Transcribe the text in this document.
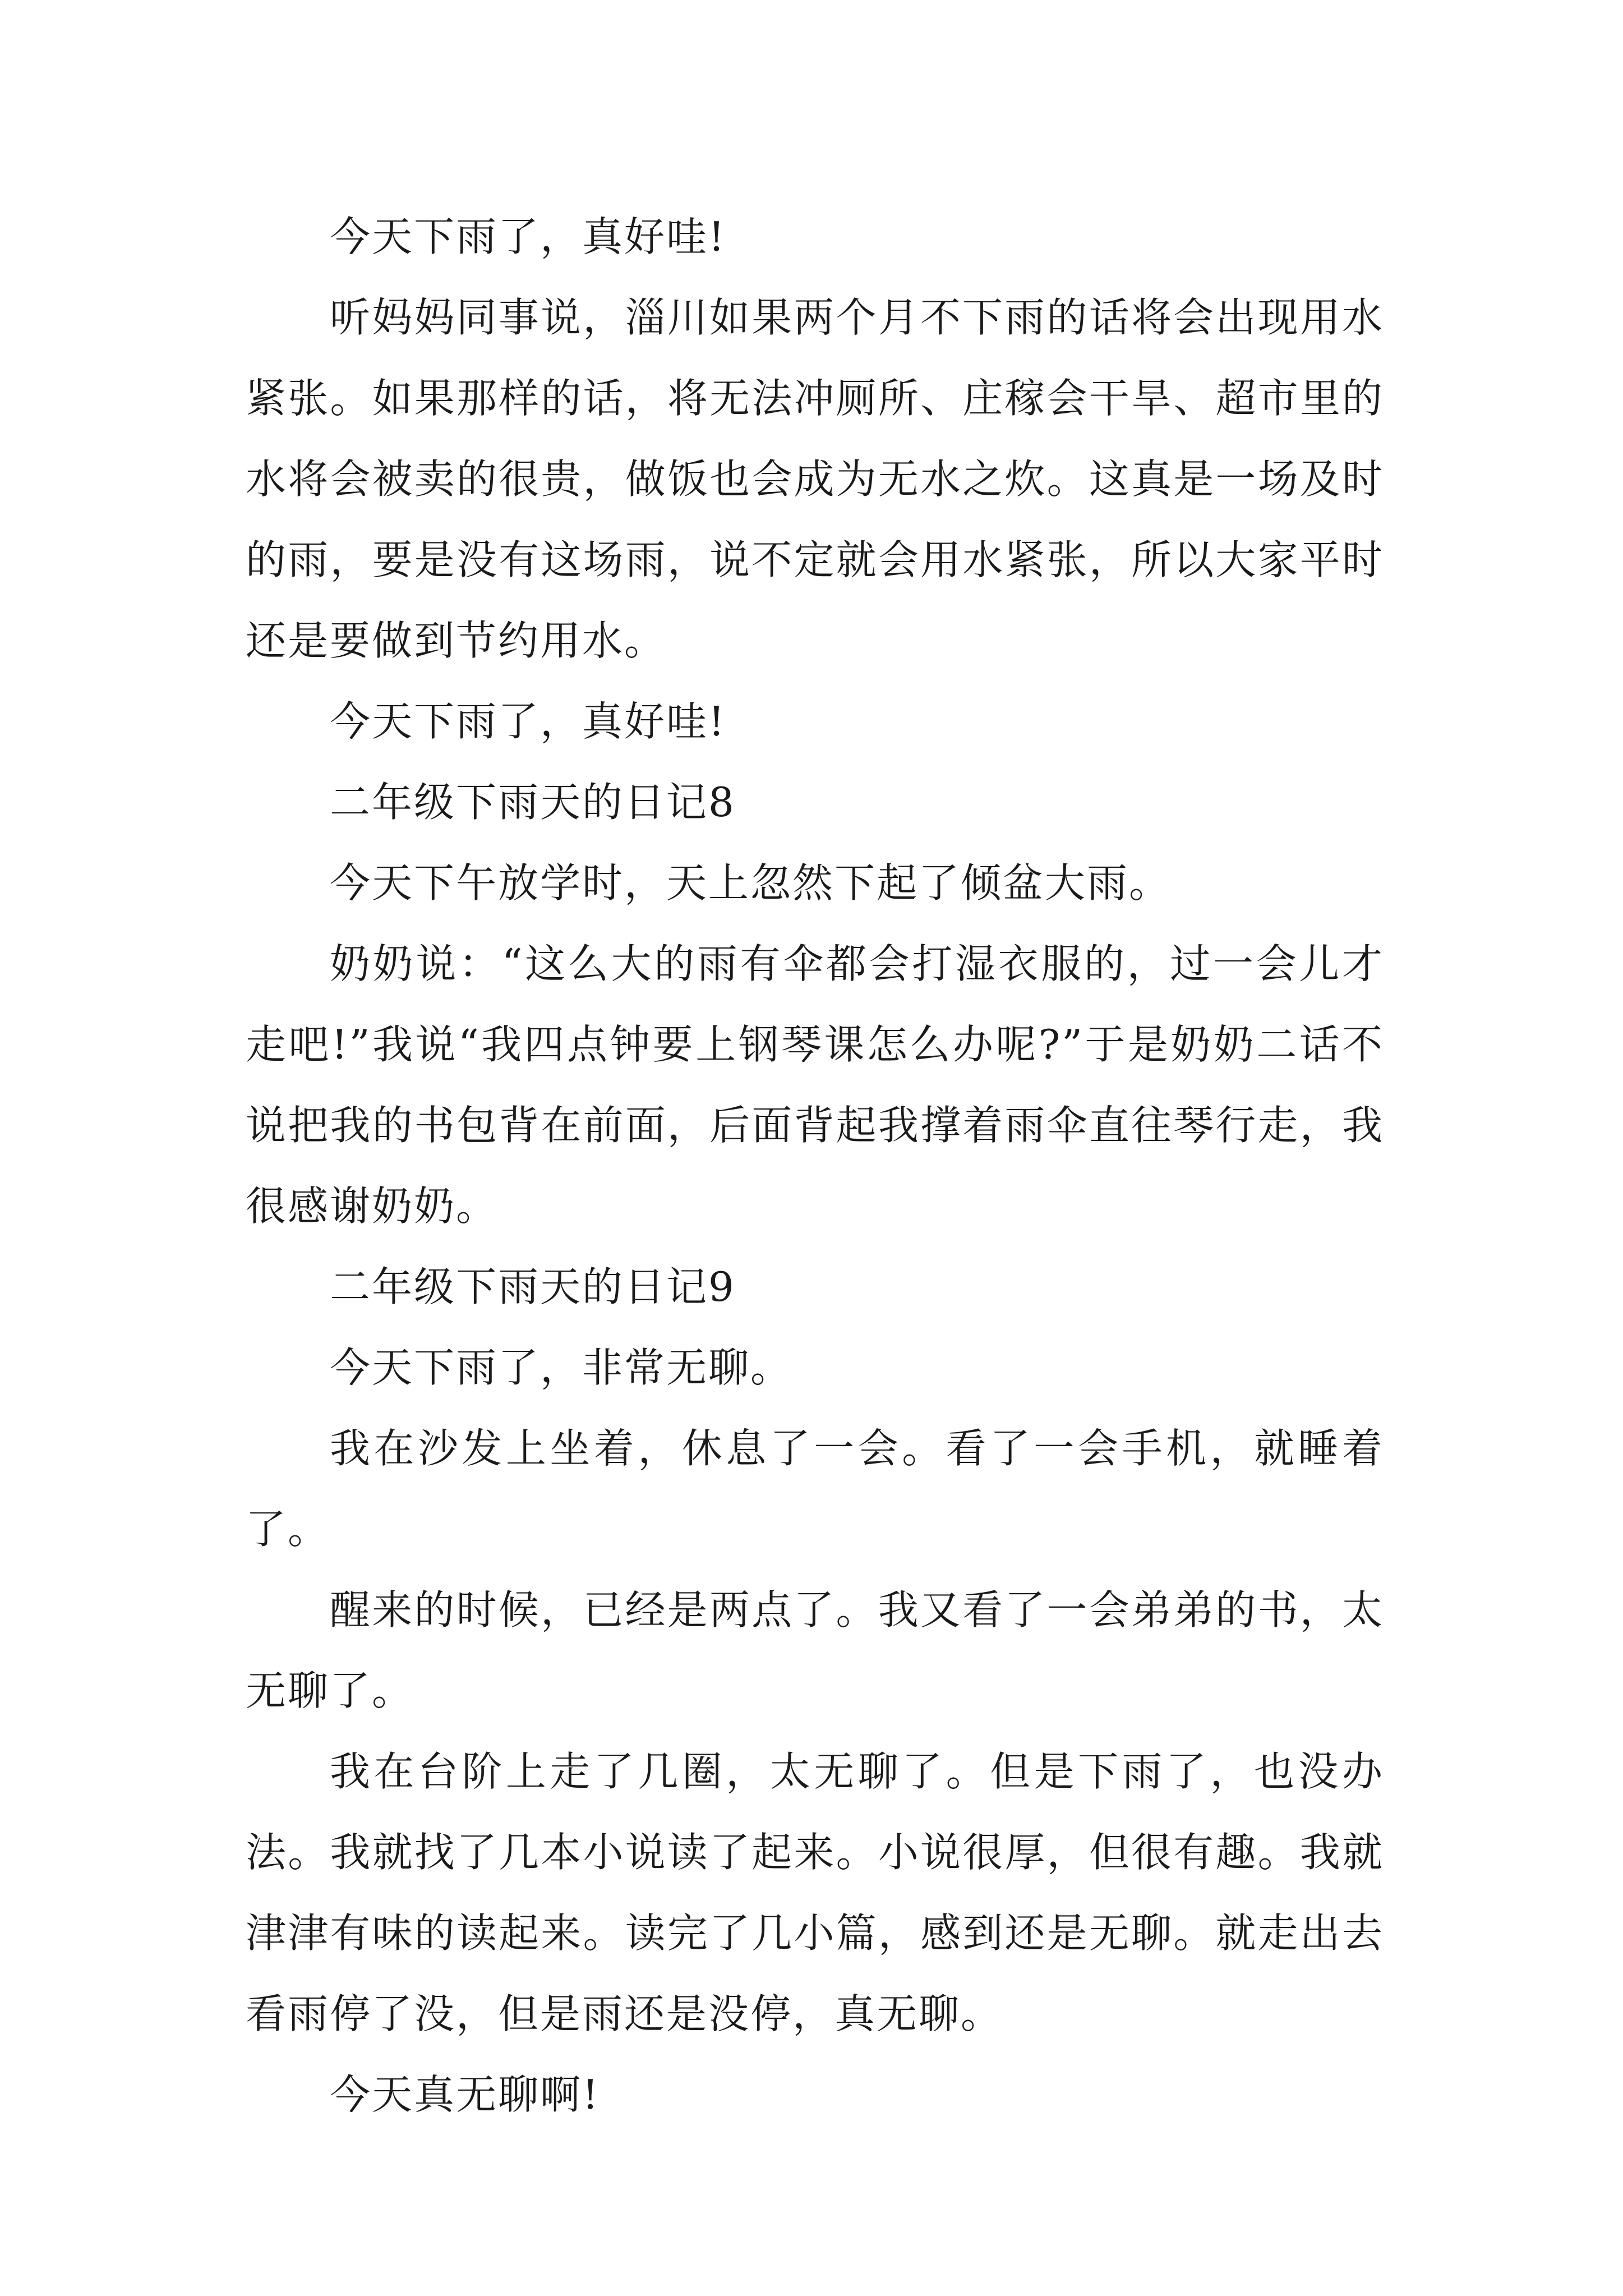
今天下雨了，真好哇!

听妈妈同事说，淄川如果两个月不下雨的话将会出现用水紧张。如果那样的话，将无法冲厕所、庄稼会干旱、超市里的水将会被卖的很贵，做饭也会成为无水之炊。这真是一场及时的雨，要是没有这场雨，说不定就会用水紧张，所以大家平时还是要做到节约用水。

今天下雨了，真好哇!

二年级下雨天的日记8

今天下午放学时，天上忽然下起了倾盆大雨。

奶奶说：“这么大的雨有伞都会打湿衣服的，过一会儿才走吧!”我说“我四点钟要上钢琴课怎么办呢?”于是奶奶二话不说把我的书包背在前面，后面背起我撑着雨伞直往琴行走，我很感谢奶奶。

二年级下雨天的日记9

今天下雨了，非常无聊。

我在沙发上坐着，休息了一会。看了一会手机，就睡着了。

醒来的时候，已经是两点了。我又看了一会弟弟的书，太无聊了。

我在台阶上走了几圈，太无聊了。但是下雨了，也没办法。我就找了几本小说读了起来。小说很厚，但很有趣。我就津津有味的读起来。读完了几小篇，感到还是无聊。就走出去看雨停了没，但是雨还是没停，真无聊。

今天真无聊啊!
